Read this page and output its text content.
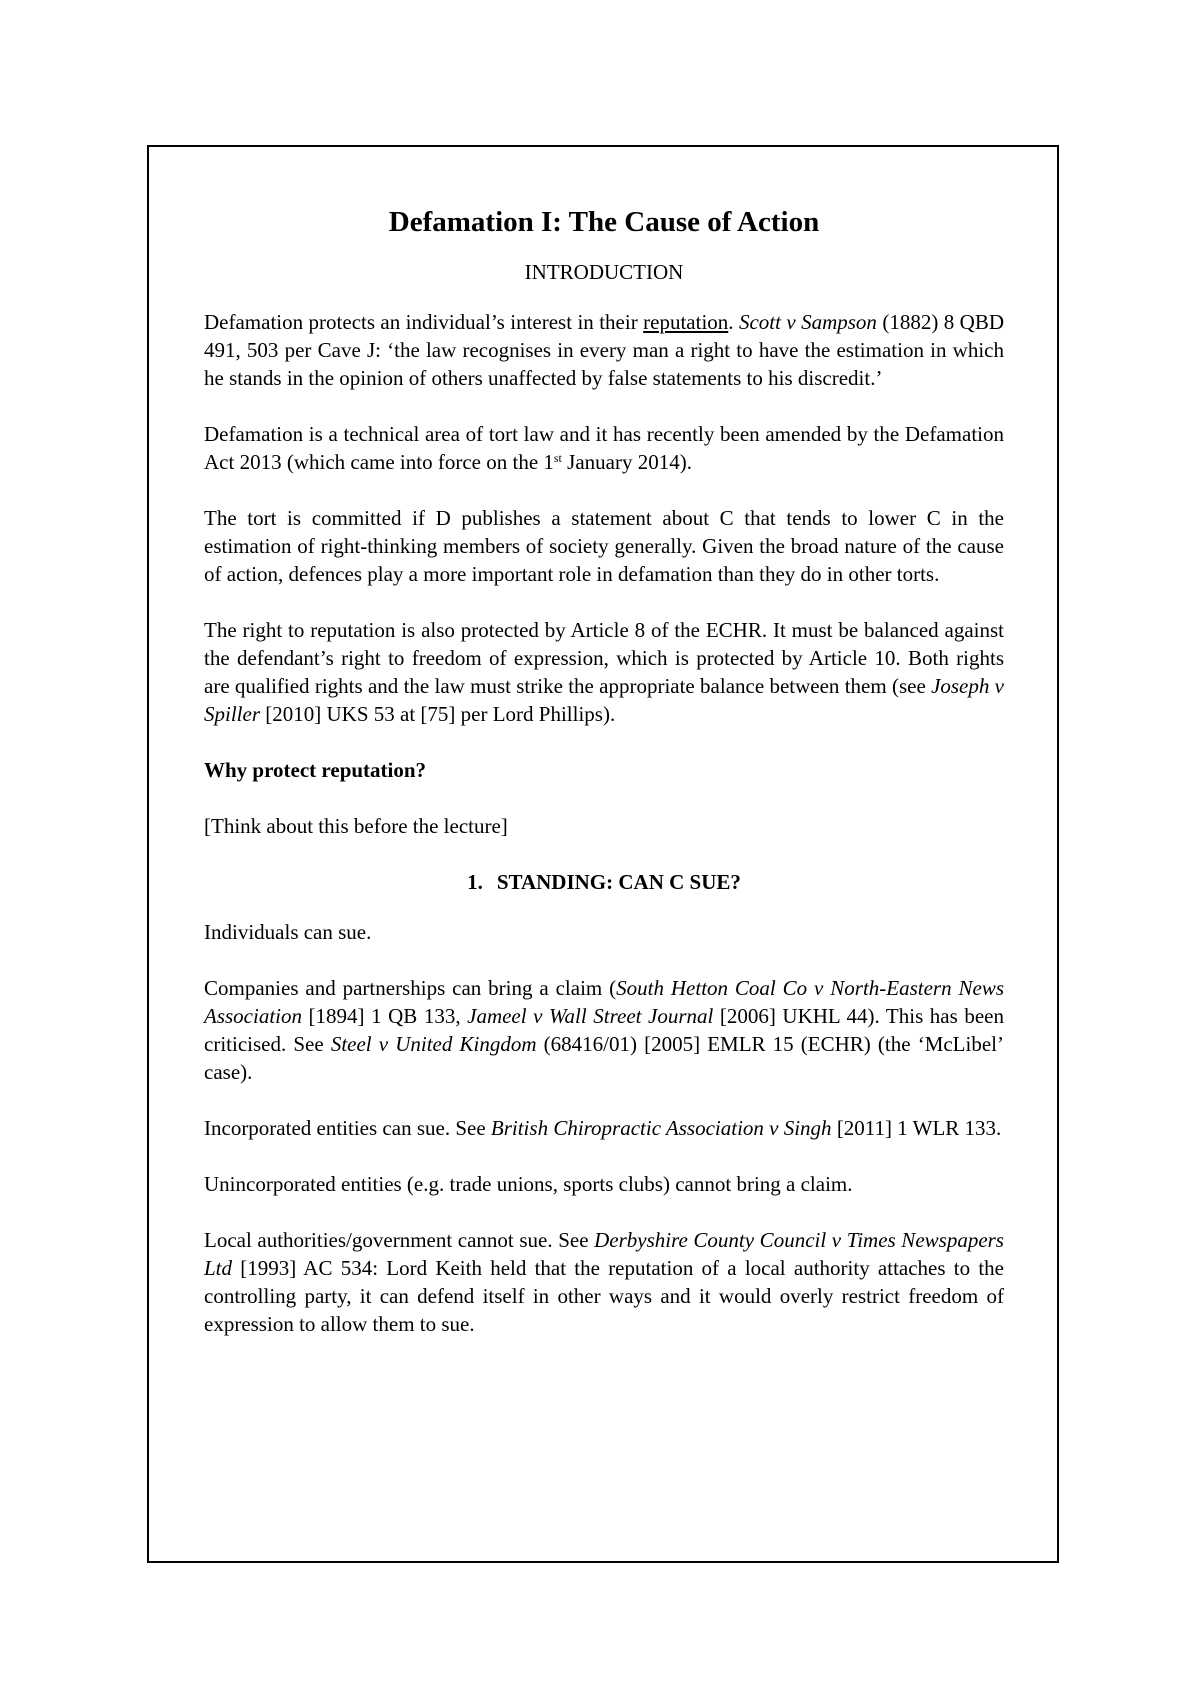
Defamation I: The Cause of Action
INTRODUCTION

Defamation protects an individual’s interest in their reputation. Scott v Sampson (1882) 8 QBD 491, 503 per Cave J: ‘the law recognises in every man a right to have the estimation in which he stands in the opinion of others unaffected by false statements to his discredit.’

Defamation is a technical area of tort law and it has recently been amended by the Defamation Act 2013 (which came into force on the 1st January 2014).

The tort is committed if D publishes a statement about C that tends to lower C in the estimation of right-thinking members of society generally. Given the broad nature of the cause of action, defences play a more important role in defamation than they do in other torts.

The right to reputation is also protected by Article 8 of the ECHR. It must be balanced against the defendant’s right to freedom of expression, which is protected by Article 10. Both rights are qualified rights and the law must strike the appropriate balance between them (see Joseph v Spiller [2010] UKS 53 at [75] per Lord Phillips).

Why protect reputation?

[Think about this before the lecture]

1. STANDING: CAN C SUE?

Individuals can sue.

Companies and partnerships can bring a claim (South Hetton Coal Co v North-Eastern News Association [1894] 1 QB 133, Jameel v Wall Street Journal [2006] UKHL 44). This has been criticised. See Steel v United Kingdom (68416/01) [2005] EMLR 15 (ECHR) (the ‘McLibel’ case).

Incorporated entities can sue. See British Chiropractic Association v Singh [2011] 1 WLR 133.

Unincorporated entities (e.g. trade unions, sports clubs) cannot bring a claim.

Local authorities/government cannot sue. See Derbyshire County Council v Times Newspapers Ltd [1993] AC 534: Lord Keith held that the reputation of a local authority attaches to the controlling party, it can defend itself in other ways and it would overly restrict freedom of expression to allow them to sue.
